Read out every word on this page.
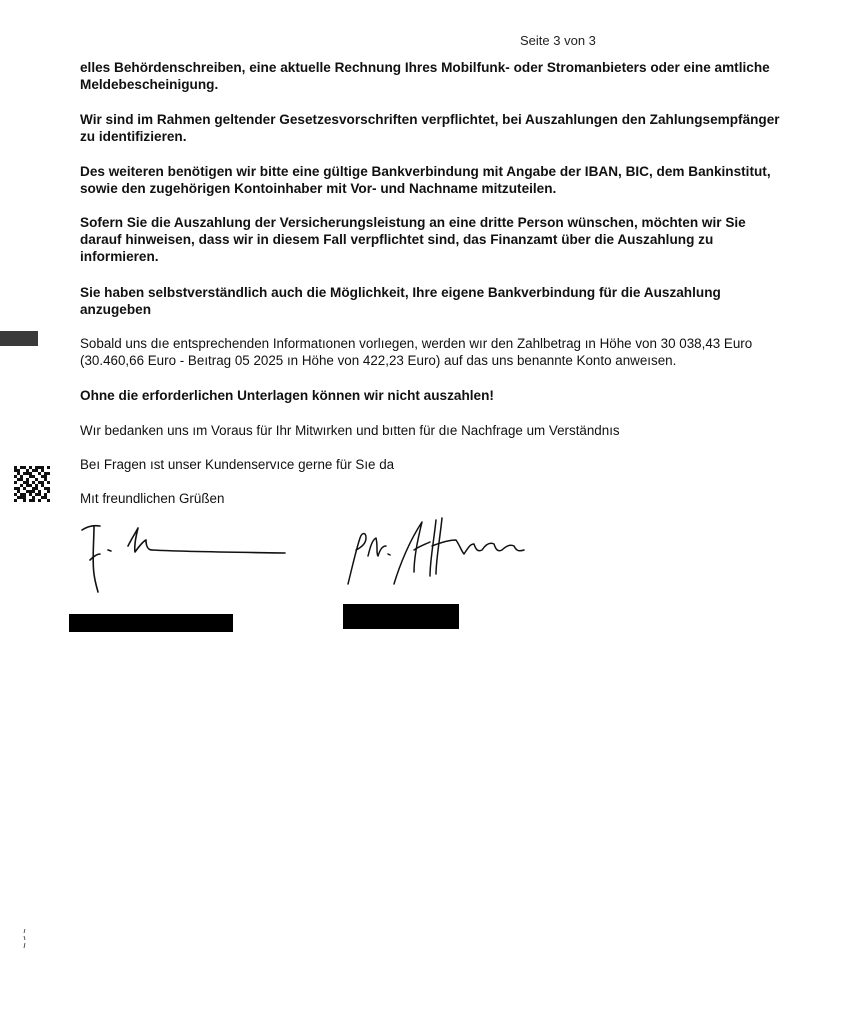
Seite 3 von 3

elles Behördenschreiben, eine aktuelle Rechnung Ihres Mobilfunk- oder Stromanbieters oder eine amtliche Meldebescheinigung.

Wir sind im Rahmen geltender Gesetzesvorschriften verpflichtet, bei Auszahlungen den Zahlungsempfänger zu identifizieren.

Des weiteren benötigen wir bitte eine gültige Bankverbindung mit Angabe der IBAN, BIC, dem Bankinstitut, sowie den zugehörigen Kontoinhaber mit Vor- und Nachname mitzuteilen.

Sofern Sie die Auszahlung der Versicherungsleistung an eine dritte Person wünschen, möchten wir Sie darauf hinweisen, dass wir in diesem Fall verpflichtet sind, das Finanzamt über die Auszahlung zu informieren.

Sie haben selbstverständlich auch die Möglichkeit, Ihre eigene Bankverbindung für die Auszahlung anzugeben

Sobald uns dıe entsprechenden Informatıonen vorlıegen, werden wır den Zahlbetrag ın Höhe von 30 038,43 Euro (30.460,66 Euro - Beıtrag 05 2025 ın Höhe von 422,23 Euro) auf das uns benannte Konto anweısen.

Ohne die erforderlichen Unterlagen können wir nicht auszahlen!

Wır bedanken uns ım Voraus für Ihr Mitwırken und bıtten für dıe Nachfrage um Verständnıs

Beı Fragen ıst unser Kundenservıce gerne für Sıe da

Mıt freundlichen Grüßen
